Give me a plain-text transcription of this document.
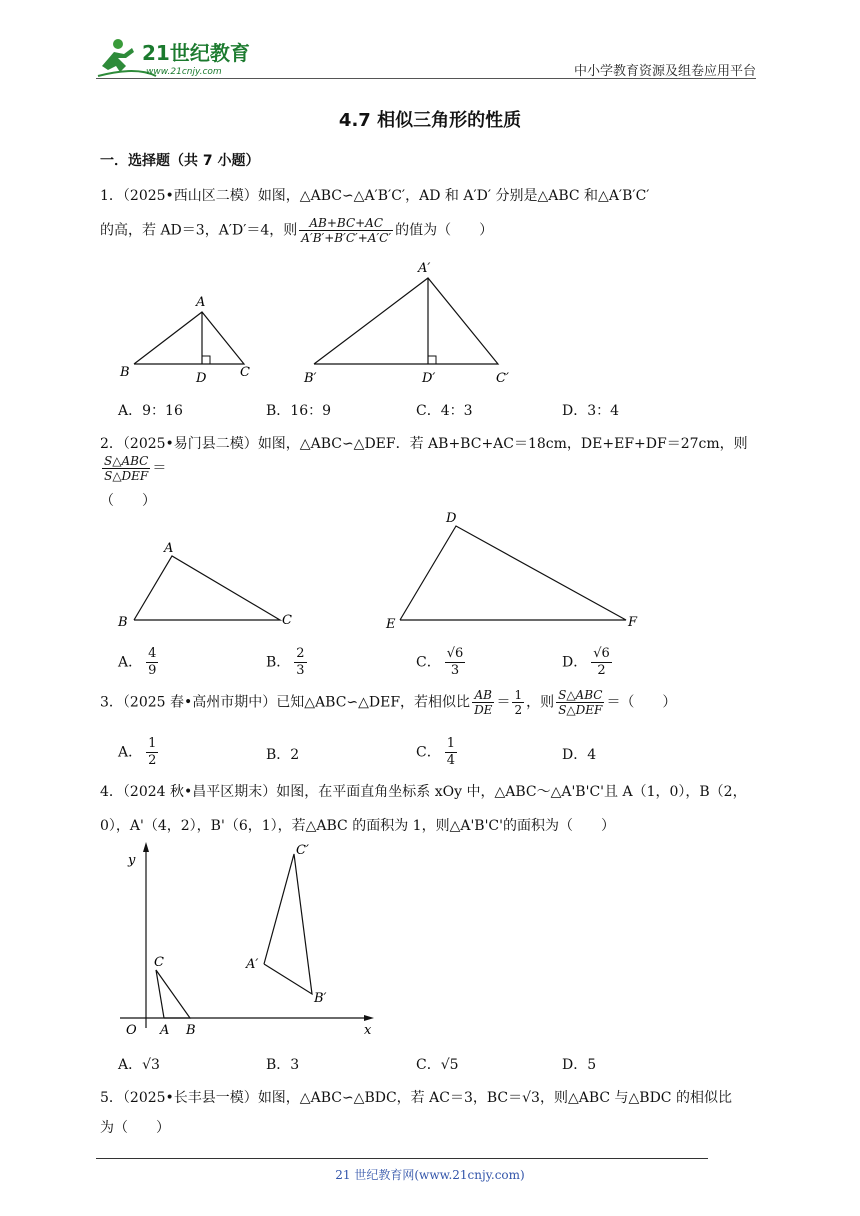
21世纪教育
www.21cnjy.com	中小学教育资源及组卷应用平台
4.7 相似三角形的性质
一．选择题（共 7 小题）
1．（2025•西山区二模）如图，△ABC∽△A′B′C′，AD 和 A′D′ 分别是△ABC 和△A′B′C′
的高，若 AD＝3，A′D′＝4，则 $\frac{AB+BC+AC}{A'B'+B'C'+A'C'}$ 的值为（　　）
A
B	D	C
A′
B′	D′	C′
A．9：16	B．16：9	C．4：3	D．3：4
2．（2025•易门县二模）如图，△ABC∽△DEF．若 AB+BC+AC＝18cm，DE+EF+DF＝27cm，则
$\frac{\text{S△ABC}}{\text{S△DEF}}$ ＝
（　　）
A
B	C
D
E	F
A． $\frac{4}{9}$	B． $\frac{2}{3}$	C． $\frac{√6}{3}$	D． $\frac{√6}{2}$
3．（2025 春•高州市期中）已知△ABC∽△DEF，若相似比 $\frac{AB}{DE} = \frac{1}{2}$ ，则 $\frac{\text{S△ABC}}{\text{S△DEF}}$ ＝（　　）
A． $\frac{1}{2}$	B．2	C． $\frac{1}{4}$	D．4
4．（2024 秋•昌平区期末）如图，在平面直角坐标系 xOy 中，△ABC～△A'B'C'且 A（1，0），B（2，
0），A'（4，2），B'（6，1），若△ABC 的面积为 1，则△A'B'C'的面积为（　　）
y
x
O A B
C	A′
B′
C′
A．√3	B．3	C．√5	D．5
5．（2025•长丰县一模）如图，△ABC∽△BDC，若 AC＝3，BC＝√3，则△ABC 与△BDC 的相似比
为（　　）
21 世纪教育网(www.21cnjy.com)
